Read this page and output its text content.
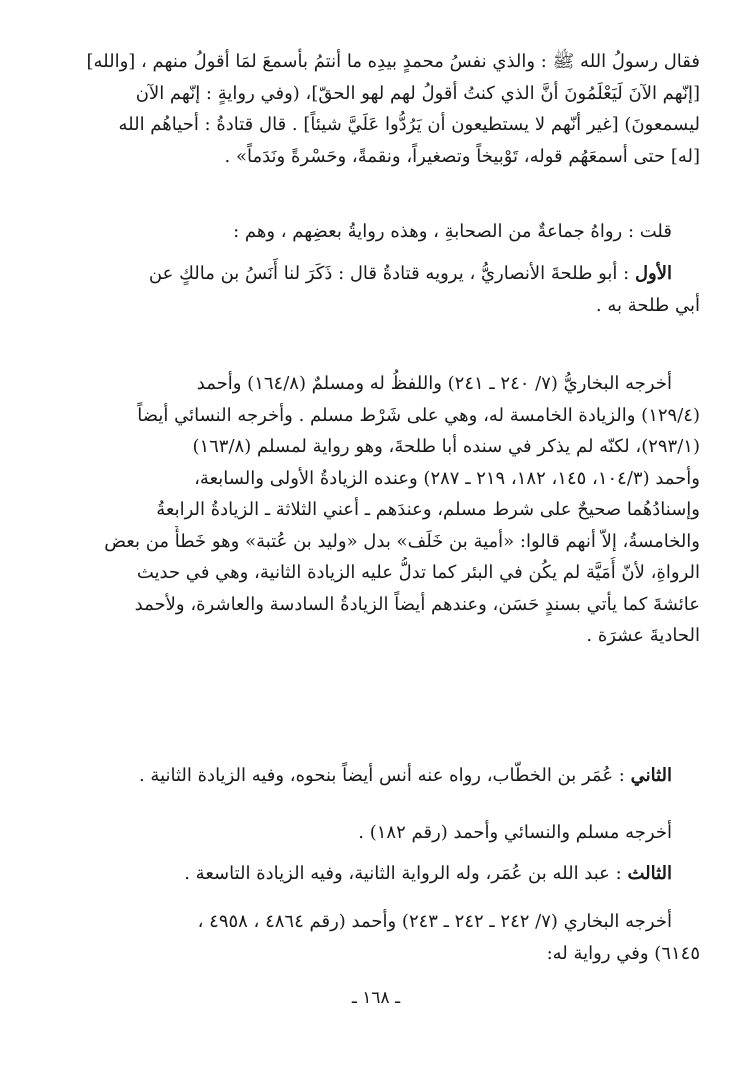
فقال رسولُ الله ﷺ : والذي نفسُ محمدٍ بيدِه ما أنتمُ بأسمعَ لمَا أقولُ منهم ، [والله]
[إنّهم الآنَ لَيَعْلَمُونَ أنَّ الذي كنتُ أقولُ لهم لهو الحقّ]، (وفي روايةٍ : إنّهم الآن
ليسمعونَ) [غير أنّهم لا يستطيعون أن يَرُدُّوا عَلَيَّ شيئاً] . قال قتادةُ : أحياهُم الله
[له] حتى أسمعَهُم قوله، تَوْبيخاً وتصغيراً، ونقمةً، وحَسْرةً ونَدَماً» .
قلت : رواهُ جماعةٌ من الصحابةِ ، وهذه روايةُ بعضِهم ، وهم :
الأول : أبو طلحةَ الأنصاريُّ ، يرويه قتادةُ قال : ذَكَرَ لنا أَنَسُ بن مالكٍ عن
أبي طلحة به .
أخرجه البخاريُّ (٧/ ٢٤٠ ـ ٢٤١) واللفظُ له ومسلمٌ (١٦٤/٨) وأحمد
(١٢٩/٤) والزيادة الخامسة له، وهي على شَرْط مسلم . وأخرجه النسائي أيضاً
(٢٩٣/١)، لكنّه لم يذكر في سنده أبا طلحةَ، وهو رواية لمسلم (١٦٣/٨)
وأحمد (١٠٤/٣، ١٤٥، ١٨٢، ٢١٩ ـ ٢٨٧) وعنده الزيادةُ الأولى والسابعة،
وإسنادُهُما صحيحٌ على شرط مسلم، وعندَهم ـ أعني الثلاثة ـ الزيادةُ الرابعةُ
والخامسةُ، إلاّ أنهم قالوا: «أمية بن خَلَف» بدل «وليد بن عُتبة» وهو خَطأٌ من بعض
الرواةِ، لأنّ أُمَيَّة لم يكُن في البئر كما تدلُّ عليه الزيادة الثانية، وهي في حديث
عائشةَ كما يأتي بسندٍ حَسَن، وعندهم أيضاً الزيادةُ السادسة والعاشرة، ولأحمد
الحاديةَ عشرَة .
الثاني : عُمَر بن الخطّاب، رواه عنه أنس أيضاً بنحوه، وفيه الزيادة الثانية .
أخرجه مسلم والنسائي وأحمد (رقم ١٨٢) .
الثالث : عبد الله بن عُمَر، وله الرواية الثانية، وفيه الزيادة التاسعة .
أخرجه البخاري (٧/ ٢٤٢ ـ ٢٤٢ ـ ٢٤٣) وأحمد (رقم ٤٨٦٤ ، ٤٩٥٨ ،
٦١٤٥) وفي رواية له:
ـ ١٦٨ ـ
